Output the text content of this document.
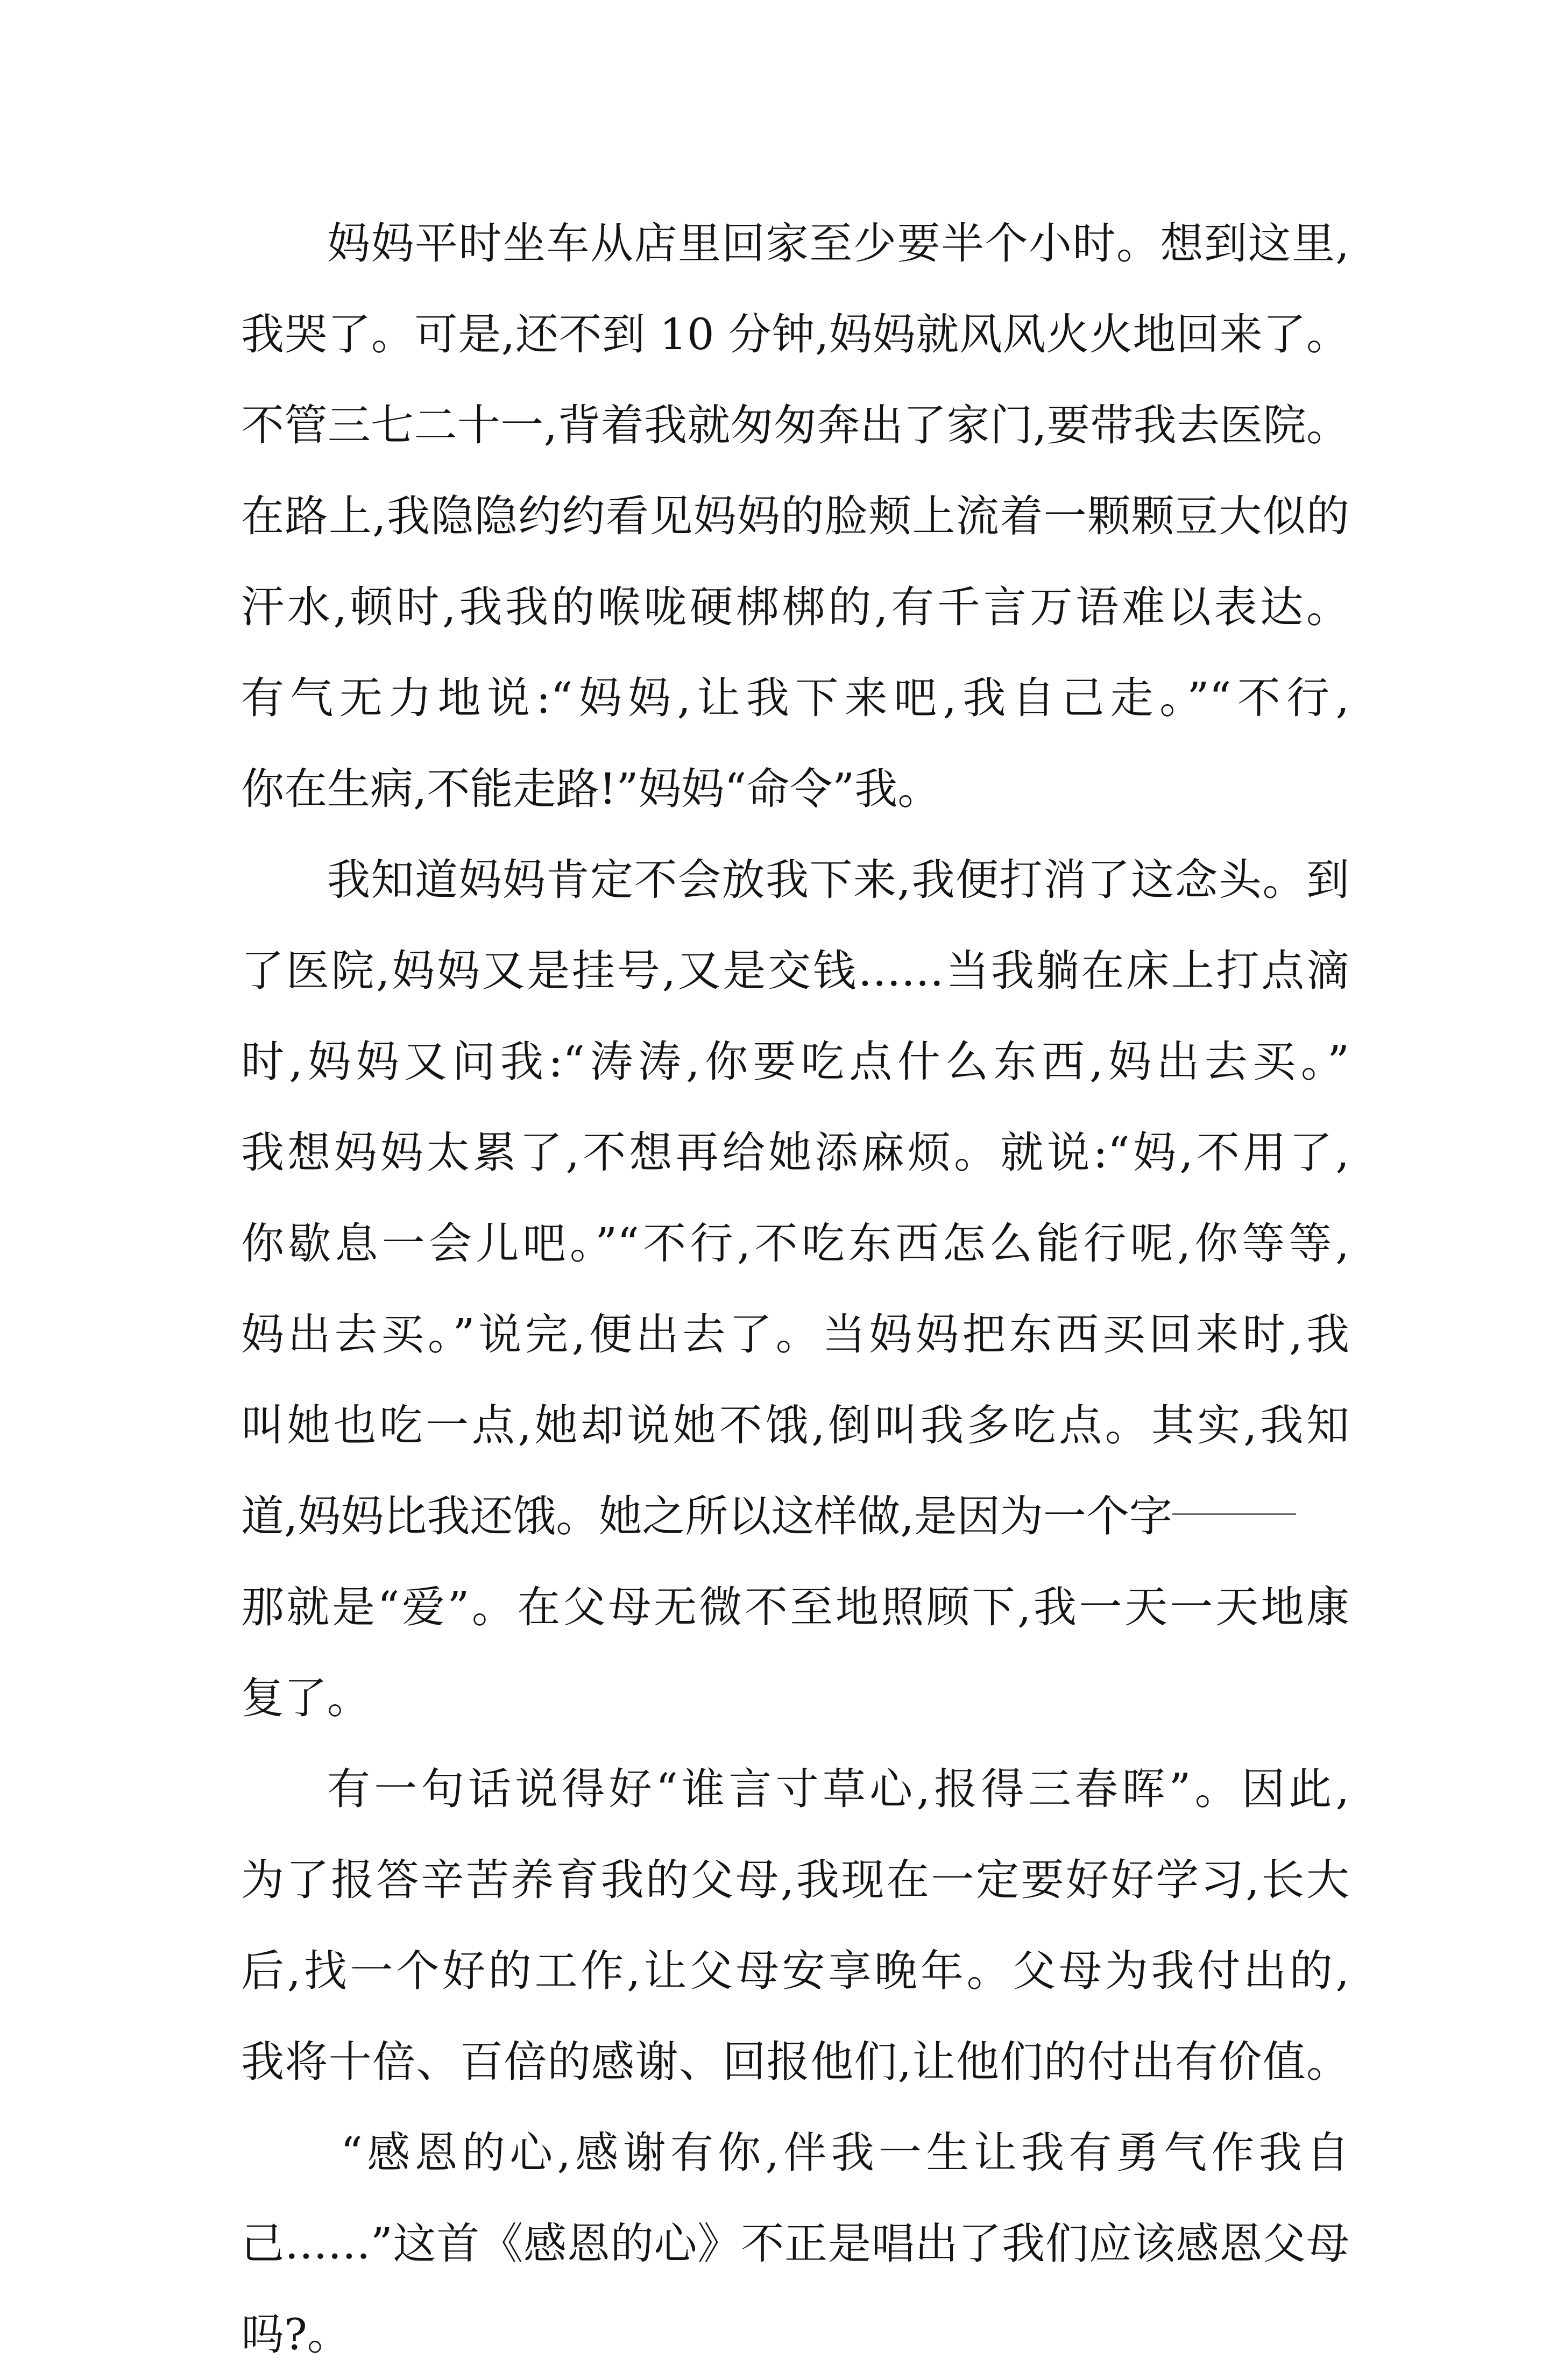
妈妈平时坐车从店里回家至少要半个小时。想到这里,
我哭了。可是,还不到 10 分钟,妈妈就风风火火地回来了。
不管三七二十一,背着我就匆匆奔出了家门,要带我去医院。
在路上,我隐隐约约看见妈妈的脸颊上流着一颗颗豆大似的
汗水,顿时,我我的喉咙硬梆梆的,有千言万语难以表达。
有气无力地说:“妈妈,让我下来吧,我自己走。”“不行,
你在生病,不能走路!”妈妈“命令”我。
我知道妈妈肯定不会放我下来,我便打消了这念头。到
了医院,妈妈又是挂号,又是交钱……当我躺在床上打点滴
时,妈妈又问我:“涛涛,你要吃点什么东西,妈出去买。”
我想妈妈太累了,不想再给她添麻烦。就说:“妈,不用了,
你歇息一会儿吧。”“不行,不吃东西怎么能行呢,你等等,
妈出去买。”说完,便出去了。当妈妈把东西买回来时,我
叫她也吃一点,她却说她不饿,倒叫我多吃点。其实,我知
道,妈妈比我还饿。她之所以这样做,是因为一个字
那就是“爱”。在父母无微不至地照顾下,我一天一天地康
复了。
有一句话说得好“谁言寸草心,报得三春晖”。因此,
为了报答辛苦养育我的父母,我现在一定要好好学习,长大
后,找一个好的工作,让父母安享晚年。父母为我付出的,
我将十倍、百倍的感谢、回报他们,让他们的付出有价值。
“感恩的心,感谢有你,伴我一生让我有勇气作我自
己……”这首《感恩的心》不正是唱出了我们应该感恩父母
吗?。
